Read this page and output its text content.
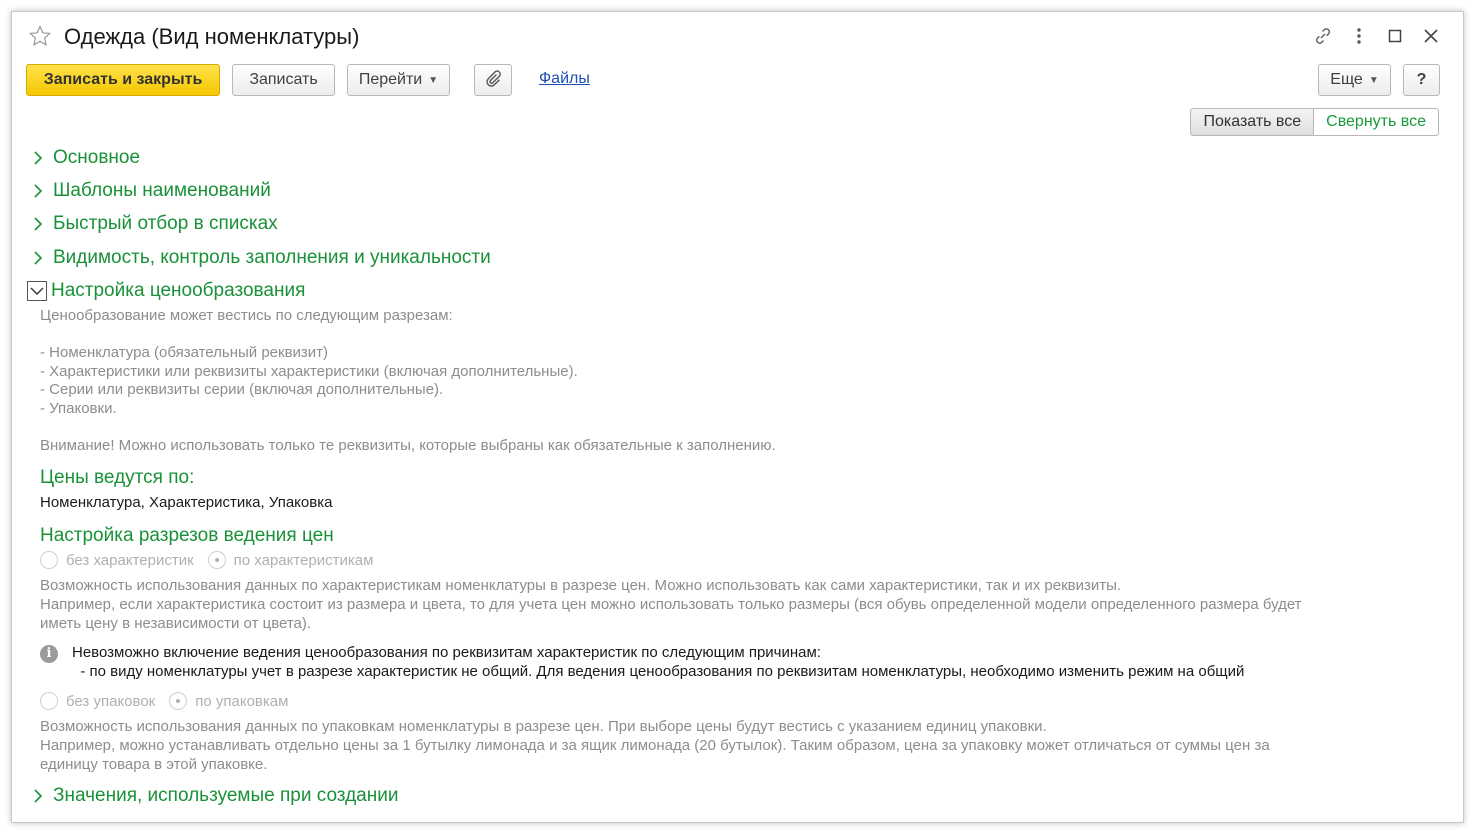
Одежда (Вид номенклатуры)
Записать и закрыть	Записать	Перейти ▼	Файлы	Еще ▼	?
Показать все	Свернуть все
Основное
Шаблоны наименований
Быстрый отбор в списках
Видимость, контроль заполнения и уникальности
Настройка ценообразования
Ценообразование может вестись по следующим разрезам:
- Номенклатура (обязательный реквизит)
- Характеристики или реквизиты характеристики (включая дополнительные).
- Серии или реквизиты серии (включая дополнительные).
- Упаковки.
Внимание! Можно использовать только те реквизиты, которые выбраны как обязательные к заполнению.
Цены ведутся по:
Номенклатура, Характеристика, Упаковка
Настройка разрезов ведения цен
без характеристик	по характеристикам
Возможность использования данных по характеристикам номенклатуры в разрезе цен. Можно использовать как сами характеристики, так и их реквизиты.
Например, если характеристика состоит из размера и цвета, то для учета цен можно использовать только размеры (вся обувь определенной модели определенного размера будет
иметь цену в независимости от цвета).
i	Невозможно включение ведения ценообразования по реквизитам характеристик по следующим причинам:
- по виду номенклатуры учет в разрезе характеристик не общий. Для ведения ценообразования по реквизитам номенклатуры, необходимо изменить режим на общий
без упаковок	по упаковкам
Возможность использования данных по упаковкам номенклатуры в разрезе цен. При выборе цены будут вестись с указанием единиц упаковки.
Например, можно устанавливать отдельно цены за 1 бутылку лимонада и за ящик лимонада (20 бутылок). Таким образом, цена за упаковку может отличаться от суммы цен за
единицу товара в этой упаковке.
Значения, используемые при создании
